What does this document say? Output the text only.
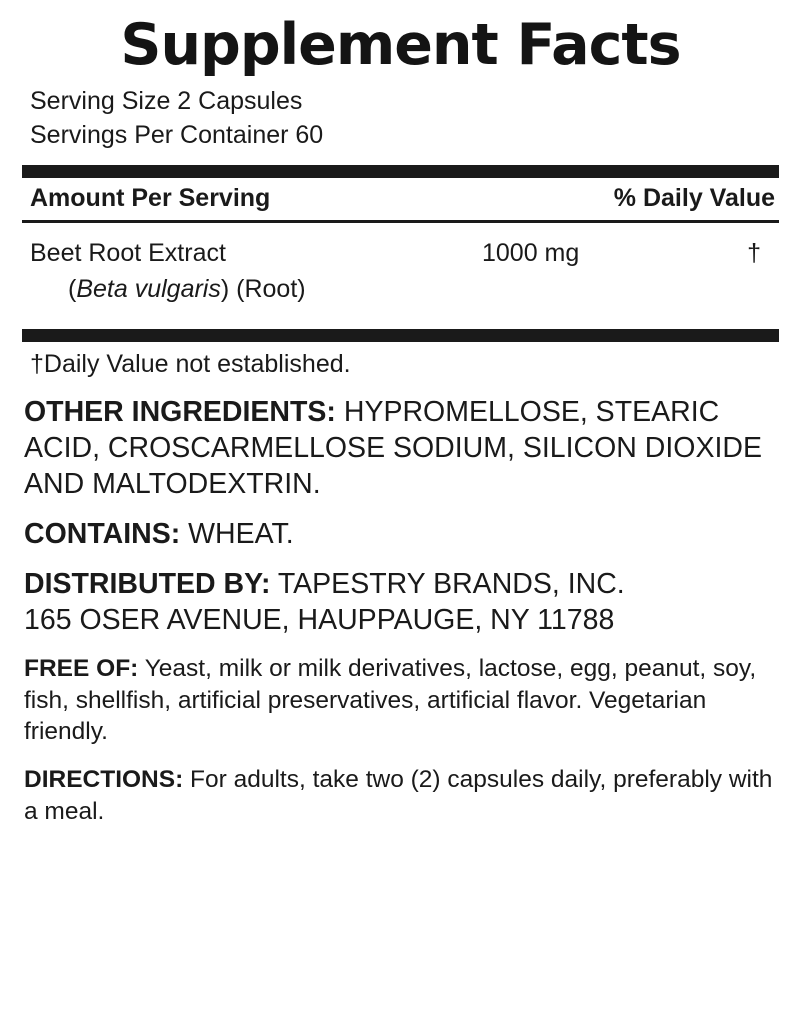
Supplement Facts
Serving Size 2 Capsules
Servings Per Container 60
Amount Per Serving	% Daily Value
Beet Root Extract	1000 mg	†
(Beta vulgaris) (Root)
†Daily Value not established.

OTHER INGREDIENTS: HYPROMELLOSE, STEARIC ACID, CROSCARMELLOSE SODIUM, SILICON DIOXIDE AND MALTODEXTRIN.

CONTAINS: WHEAT.

DISTRIBUTED BY: TAPESTRY BRANDS, INC.
165 OSER AVENUE, HAUPPAUGE, NY 11788

FREE OF: Yeast, milk or milk derivatives, lactose, egg, peanut, soy, fish, shellfish, artificial preservatives, artificial flavor. Vegetarian friendly.

DIRECTIONS: For adults, take two (2) capsules daily, preferably with a meal.
